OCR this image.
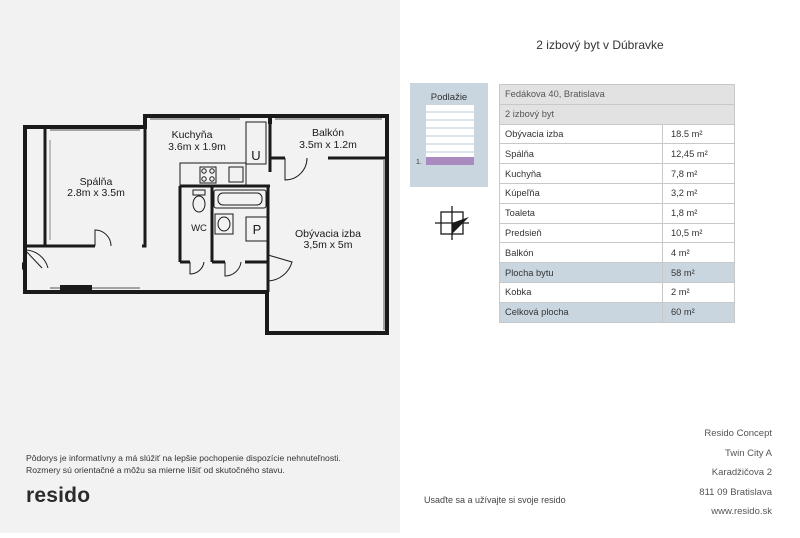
Spálňa
2.8m x 3.5m
Kuchyňa
3.6m x 1.9m
Balkón
3.5m x 1.2m
Obývacia izba
3,5m x 5m
WC
U
P
2 izbový byt v Dúbravke
Podlažie
1.
Fedákova 40, Bratislava	
2 izbový byt	
Obývacia izba	18.5 m²
Spálňa	12,45 m²
Kuchyňa	7,8 m²
Kúpeľňa	3,2 m²
Toaleta	1,8 m²
Predsieň	10,5 m²
Balkón	4 m²
Plocha bytu	58 m²
Kobka	2 m²
Celková plocha	60 m²
Pôdorys je informatívny a má slúžiť na lepšie pochopenie dispozície nehnuteľnosti.
Rozmery sú orientačné a môžu sa mierne líšiť od skutočného stavu.
resido	Usaďte sa a užívajte si svoje resido
Resido Concept
Twin City A
Karadžičova 2
811 09 Bratislava
www.resido.sk
